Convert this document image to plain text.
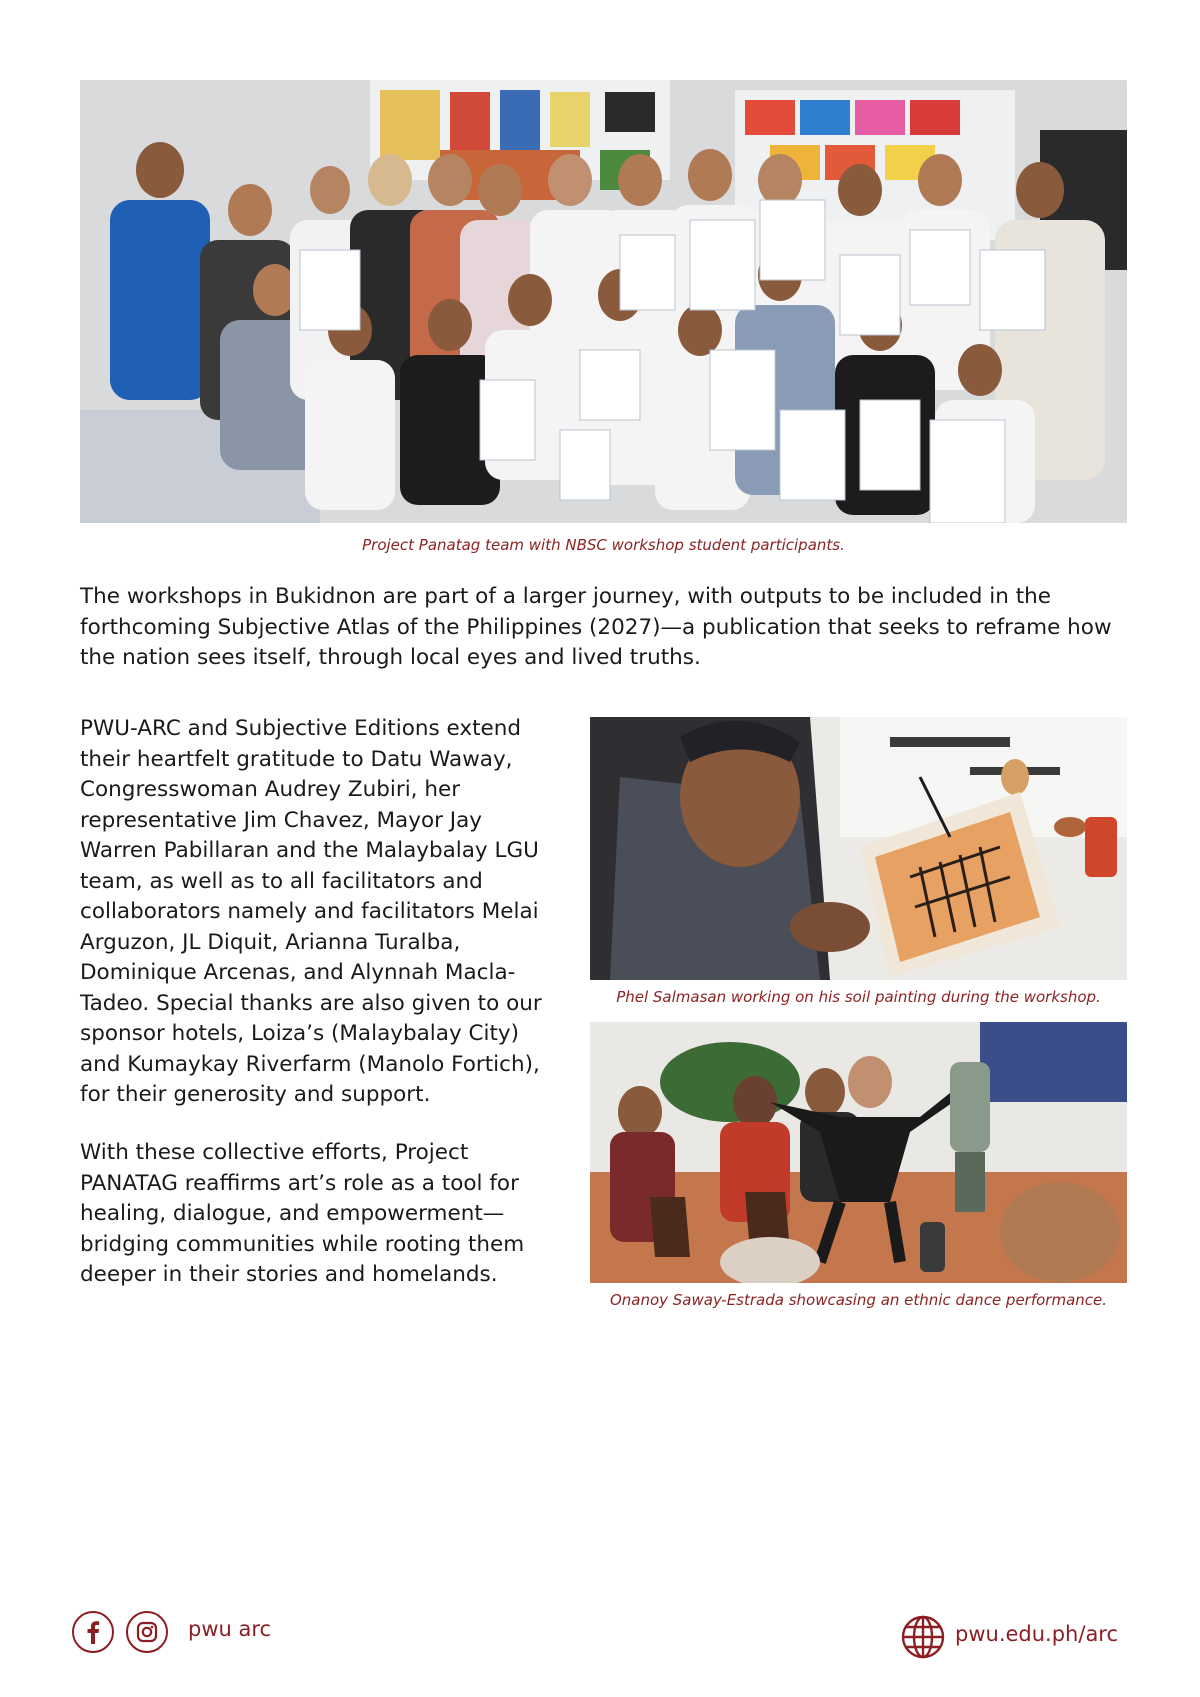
Project Panatag team with NBSC workshop student participants.

The workshops in Bukidnon are part of a larger journey, with outputs to be included in the forthcoming Subjective Atlas of the Philippines (2027)—a publication that seeks to reframe how the nation sees itself, through local eyes and lived truths.

PWU-ARC and Subjective Editions extend their heartfelt gratitude to Datu Waway, Congresswoman Audrey Zubiri, her representative Jim Chavez, Mayor Jay Warren Pabillaran and the Malaybalay LGU team, as well as to all facilitators and collaborators namely and facilitators Melai Arguzon, JL Diquit, Arianna Turalba, Dominique Arcenas, and Alynnah Macla-Tadeo. Special thanks are also given to our sponsor hotels, Loiza’s (Malaybalay City) and Kumaykay Riverfarm (Manolo Fortich), for their generosity and support.

With these collective efforts, Project PANATAG reaffirms art’s role as a tool for healing, dialogue, and empowerment—bridging communities while rooting them deeper in their stories and homelands.

Phel Salmasan working on his soil painting during the workshop.

Onanoy Saway-Estrada showcasing an ethnic dance performance.

pwu arc	pwu.edu.ph/arc
